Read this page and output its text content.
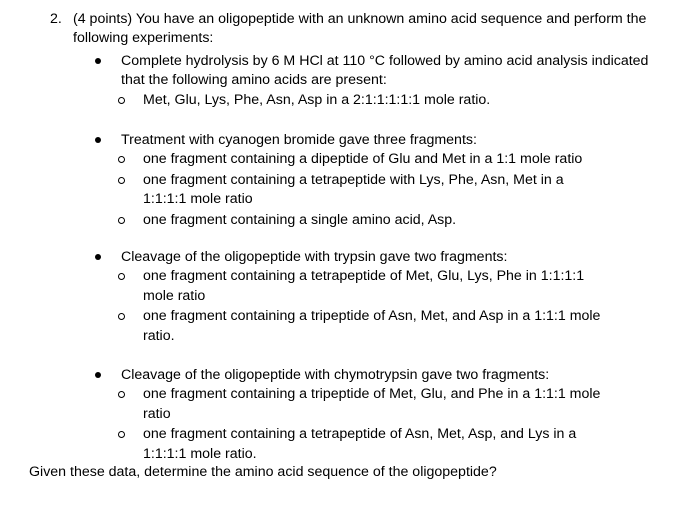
2. (4 points) You have an oligopeptide with an unknown amino acid sequence and perform the following experiments:
Complete hydrolysis by 6 M HCl at 110 °C followed by amino acid analysis indicated that the following amino acids are present:
Met, Glu, Lys, Phe, Asn, Asp in a 2:1:1:1:1:1 mole ratio.
Treatment with cyanogen bromide gave three fragments:
one fragment containing a dipeptide of Glu and Met in a 1:1 mole ratio
one fragment containing a tetrapeptide with Lys, Phe, Asn, Met in a 1:1:1:1 mole ratio
one fragment containing a single amino acid, Asp.
Cleavage of the oligopeptide with trypsin gave two fragments:
one fragment containing a tetrapeptide of Met, Glu, Lys, Phe in 1:1:1:1 mole ratio
one fragment containing a tripeptide of Asn, Met, and Asp in a 1:1:1 mole ratio.
Cleavage of the oligopeptide with chymotrypsin gave two fragments:
one fragment containing a tripeptide of Met, Glu, and Phe in a 1:1:1 mole ratio
one fragment containing a tetrapeptide of Asn, Met, Asp, and Lys in a 1:1:1:1 mole ratio.
Given these data, determine the amino acid sequence of the oligopeptide?
